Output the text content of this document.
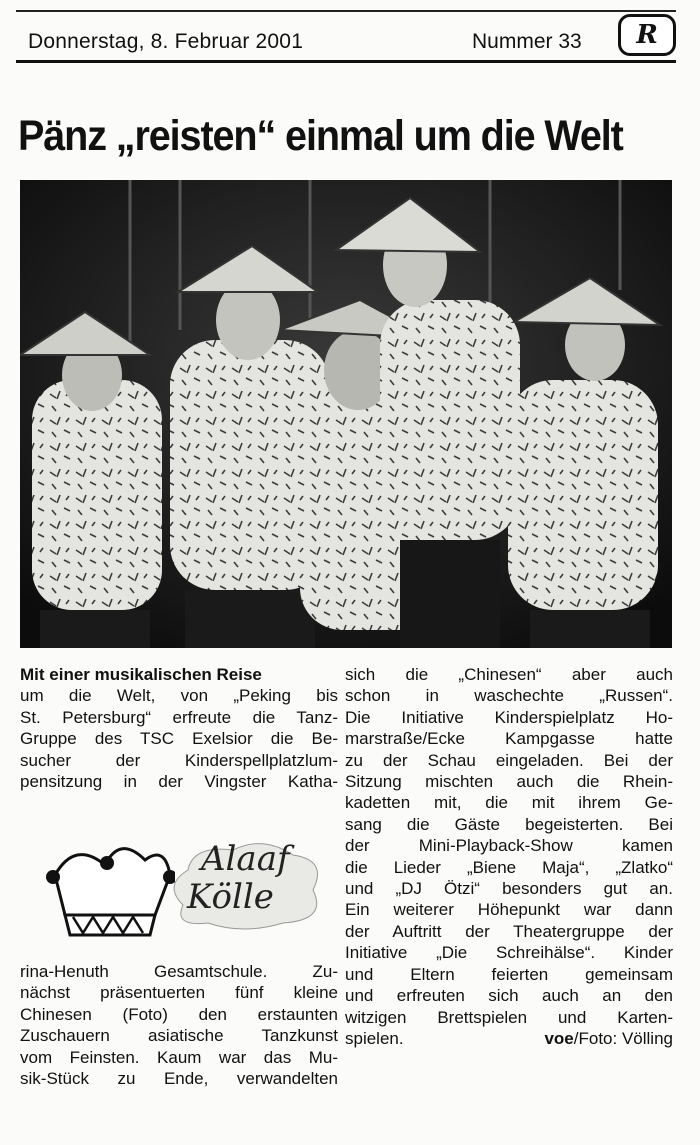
Donnerstag, 8. Februar 2001	Nummer 33 R
Pänz „reisten“ einmal um die Welt
Mit einer musikalischen Reise
um die Welt, von „Peking bis
St. Petersburg“ erfreute die Tanz-
Gruppe des TSC Exelsior die Be-
sucher der Kinderspellplatzlum-
pensitzung in der Vingster Katha-
Alaaf
Kölle
rina-Henuth Gesamtschule. Zu-
nächst präsentuerten fünf kleine
Chinesen (Foto) den erstaunten
Zuschauern asiatische Tanzkunst
vom Feinsten. Kaum war das Mu-
sik-Stück zu Ende, verwandelten
sich die „Chinesen“ aber auch
schon in waschechte „Russen“.
Die Initiative Kinderspielplatz Ho-
marstraße/Ecke Kampgasse hatte
zu der Schau eingeladen. Bei der
Sitzung mischten auch die Rhein-
kadetten mit, die mit ihrem Ge-
sang die Gäste begeisterten. Bei
der Mini-Playback-Show kamen
die Lieder „Biene Maja“, „Zlatko“
und „DJ Ötzi“ besonders gut an.
Ein weiterer Höhepunkt war dann
der Auftritt der Theatergruppe der
Initiative „Die Schreihälse“. Kinder
und Eltern feierten gemeinsam
und erfreuten sich auch an den
witzigen Brettspielen und Karten-
spielen.	voe/Foto: Völling
